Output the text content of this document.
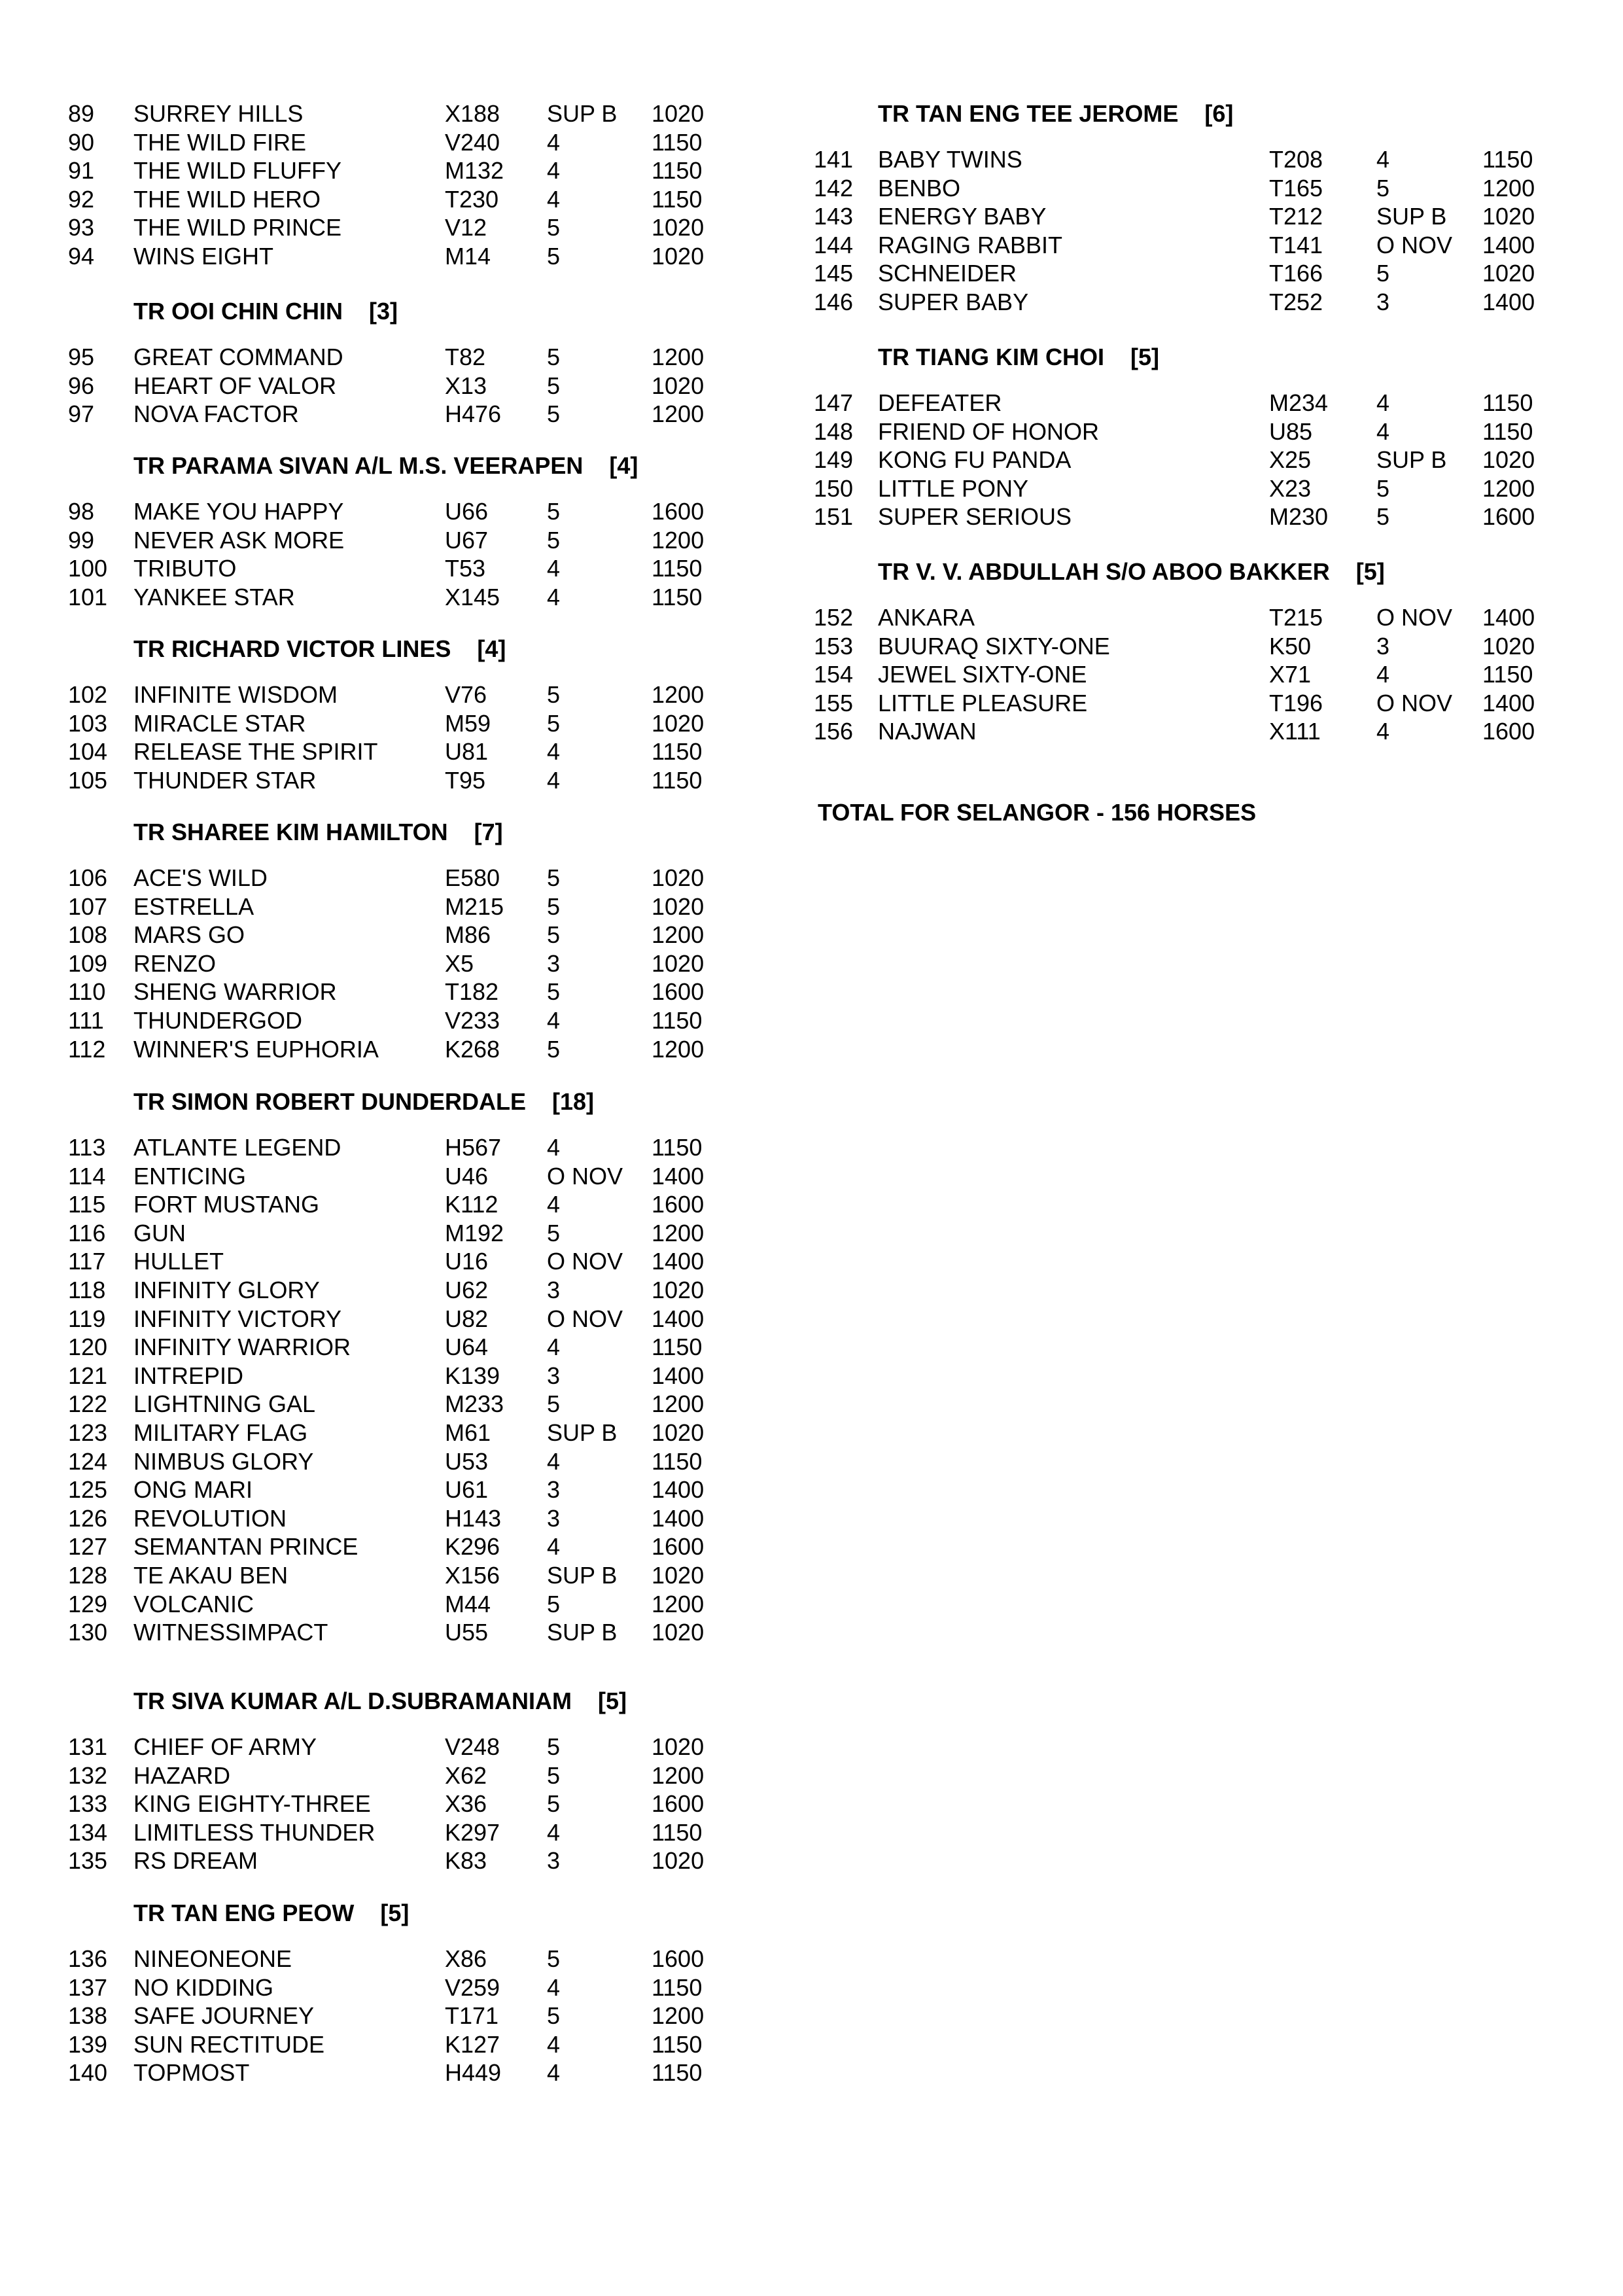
89 SURREY HILLS	X188 SUP B 1020
90 THE WILD FIRE	V240 4	1150
91 THE WILD FLUFFY	M132 4	1150
92 THE WILD HERO	T230 4	1150
93 THE WILD PRINCE	V12	5	1020
94 WINS EIGHT	M14 5	1020
TR OOI CHIN CHIN [3]
95 GREAT COMMAND	T82	5	1200
96 HEART OF VALOR	X13	5	1020
97 NOVA FACTOR	H476 5	1200
TR PARAMA SIVAN A/L M.S. VEERAPEN [4]
98 MAKE YOU HAPPY	U66 5	1600
99 NEVER ASK MORE	U67 5	1200
100 TRIBUTO	T53	4	1150
101 YANKEE STAR	X145 4	1150
TR RICHARD VICTOR LINES [4]
102 INFINITE WISDOM	V76	5	1200
103 MIRACLE STAR	M59 5	1020
104 RELEASE THE SPIRIT	U81 4	1150
105 THUNDER STAR	T95	4	1150
TR SHAREE KIM HAMILTON [7]
106 ACE'S WILD	E580 5	1020
107 ESTRELLA	M215 5	1020
108 MARS GO	M86 5	1200
109 RENZO	X5	3	1020
110 SHENG WARRIOR	T182 5	1600
111 THUNDERGOD	V233 4	1150
112 WINNER'S EUPHORIA	K268 5	1200
TR SIMON ROBERT DUNDERDALE [18]
113 ATLANTE LEGEND	H567 4	1150
114 ENTICING	U46 O NOV 1400
115 FORT MUSTANG	K112 4	1600
116 GUN	M192 5	1200
117 HULLET	U16 O NOV 1400
118 INFINITY GLORY	U62 3	1020
119 INFINITY VICTORY	U82 O NOV 1400
120 INFINITY WARRIOR	U64 4	1150
121 INTREPID	K139 3	1400
122 LIGHTNING GAL	M233 5	1200
123 MILITARY FLAG	M61 SUP B 1020
124 NIMBUS GLORY	U53 4	1150
125 ONG MARI	U61 3	1400
126 REVOLUTION	H143 3	1400
127 SEMANTAN PRINCE	K296 4	1600
128 TE AKAU BEN	X156 SUP B 1020
129 VOLCANIC	M44 5	1200
130 WITNESSIMPACT	U55 SUP B 1020
TR SIVA KUMAR A/L D.SUBRAMANIAM [5]
131 CHIEF OF ARMY	V248 5	1020
132 HAZARD	X62	5	1200
133 KING EIGHTY-THREE	X36	5	1600
134 LIMITLESS THUNDER	K297 4	1150
135 RS DREAM	K83	3	1020
TR TAN ENG PEOW [5]
136 NINEONEONE	X86	5	1600
137 NO KIDDING	V259 4	1150
138 SAFE JOURNEY	T171 5	1200
139 SUN RECTITUDE	K127 4	1150
140 TOPMOST	H449 4	1150
TR TAN ENG TEE JEROME [6]
141 BABY TWINS	T208 4	1150
142 BENBO	T165 5	1200
143 ENERGY BABY	T212 SUP B 1020
144 RAGING RABBIT	T141 O NOV 1400
145 SCHNEIDER	T166 5	1020
146 SUPER BABY	T252 3	1400
TR TIANG KIM CHOI [5]
147 DEFEATER	M234 4	1150
148 FRIEND OF HONOR	U85	4	1150
149 KONG FU PANDA	X25	SUP B 1020
150 LITTLE PONY	X23	5	1200
151 SUPER SERIOUS	M230 5	1600
TR V. V. ABDULLAH S/O ABOO BAKKER [5]
152 ANKARA	T215 O NOV 1400
153 BUURAQ SIXTY-ONE	K50	3	1020
154 JEWEL SIXTY-ONE	X71	4	1150
155 LITTLE PLEASURE	T196 O NOV 1400
156 NAJWAN	X111 4	1600
TOTAL FOR SELANGOR - 156 HORSES
